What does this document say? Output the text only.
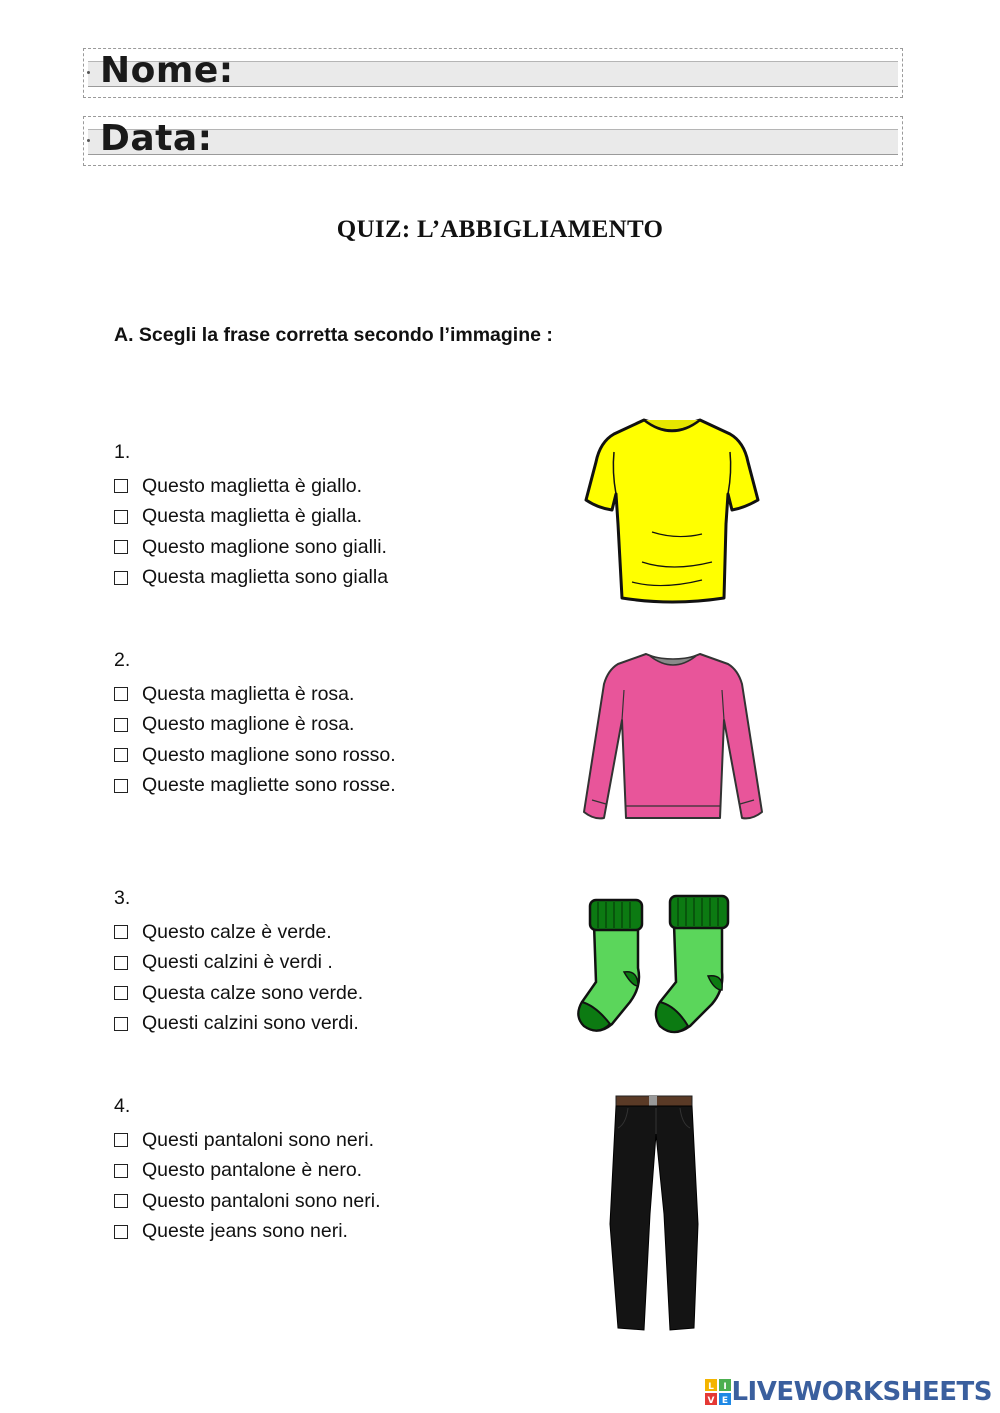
Nome:
Data:
QUIZ: L’ABBIGLIAMENTO
A. Scegli la frase corretta secondo l’immagine :
1.
Questo maglietta è giallo.
Questa maglietta è gialla.
Questo maglione sono gialli.
Questa maglietta sono gialla
2.
Questa maglietta è rosa.
Questo maglione è rosa.
Questo maglione sono rosso.
Queste magliette sono rosse.
3.
Questo calze è verde.
Questi calzini è verdi .
Questa calze sono verde.
Questi calzini sono verdi.
4.
Questi pantaloni sono neri.
Questo pantalone è nero.
Questo pantaloni sono neri.
Queste jeans sono neri.
L I
V E LIVEWORKSHEETS
